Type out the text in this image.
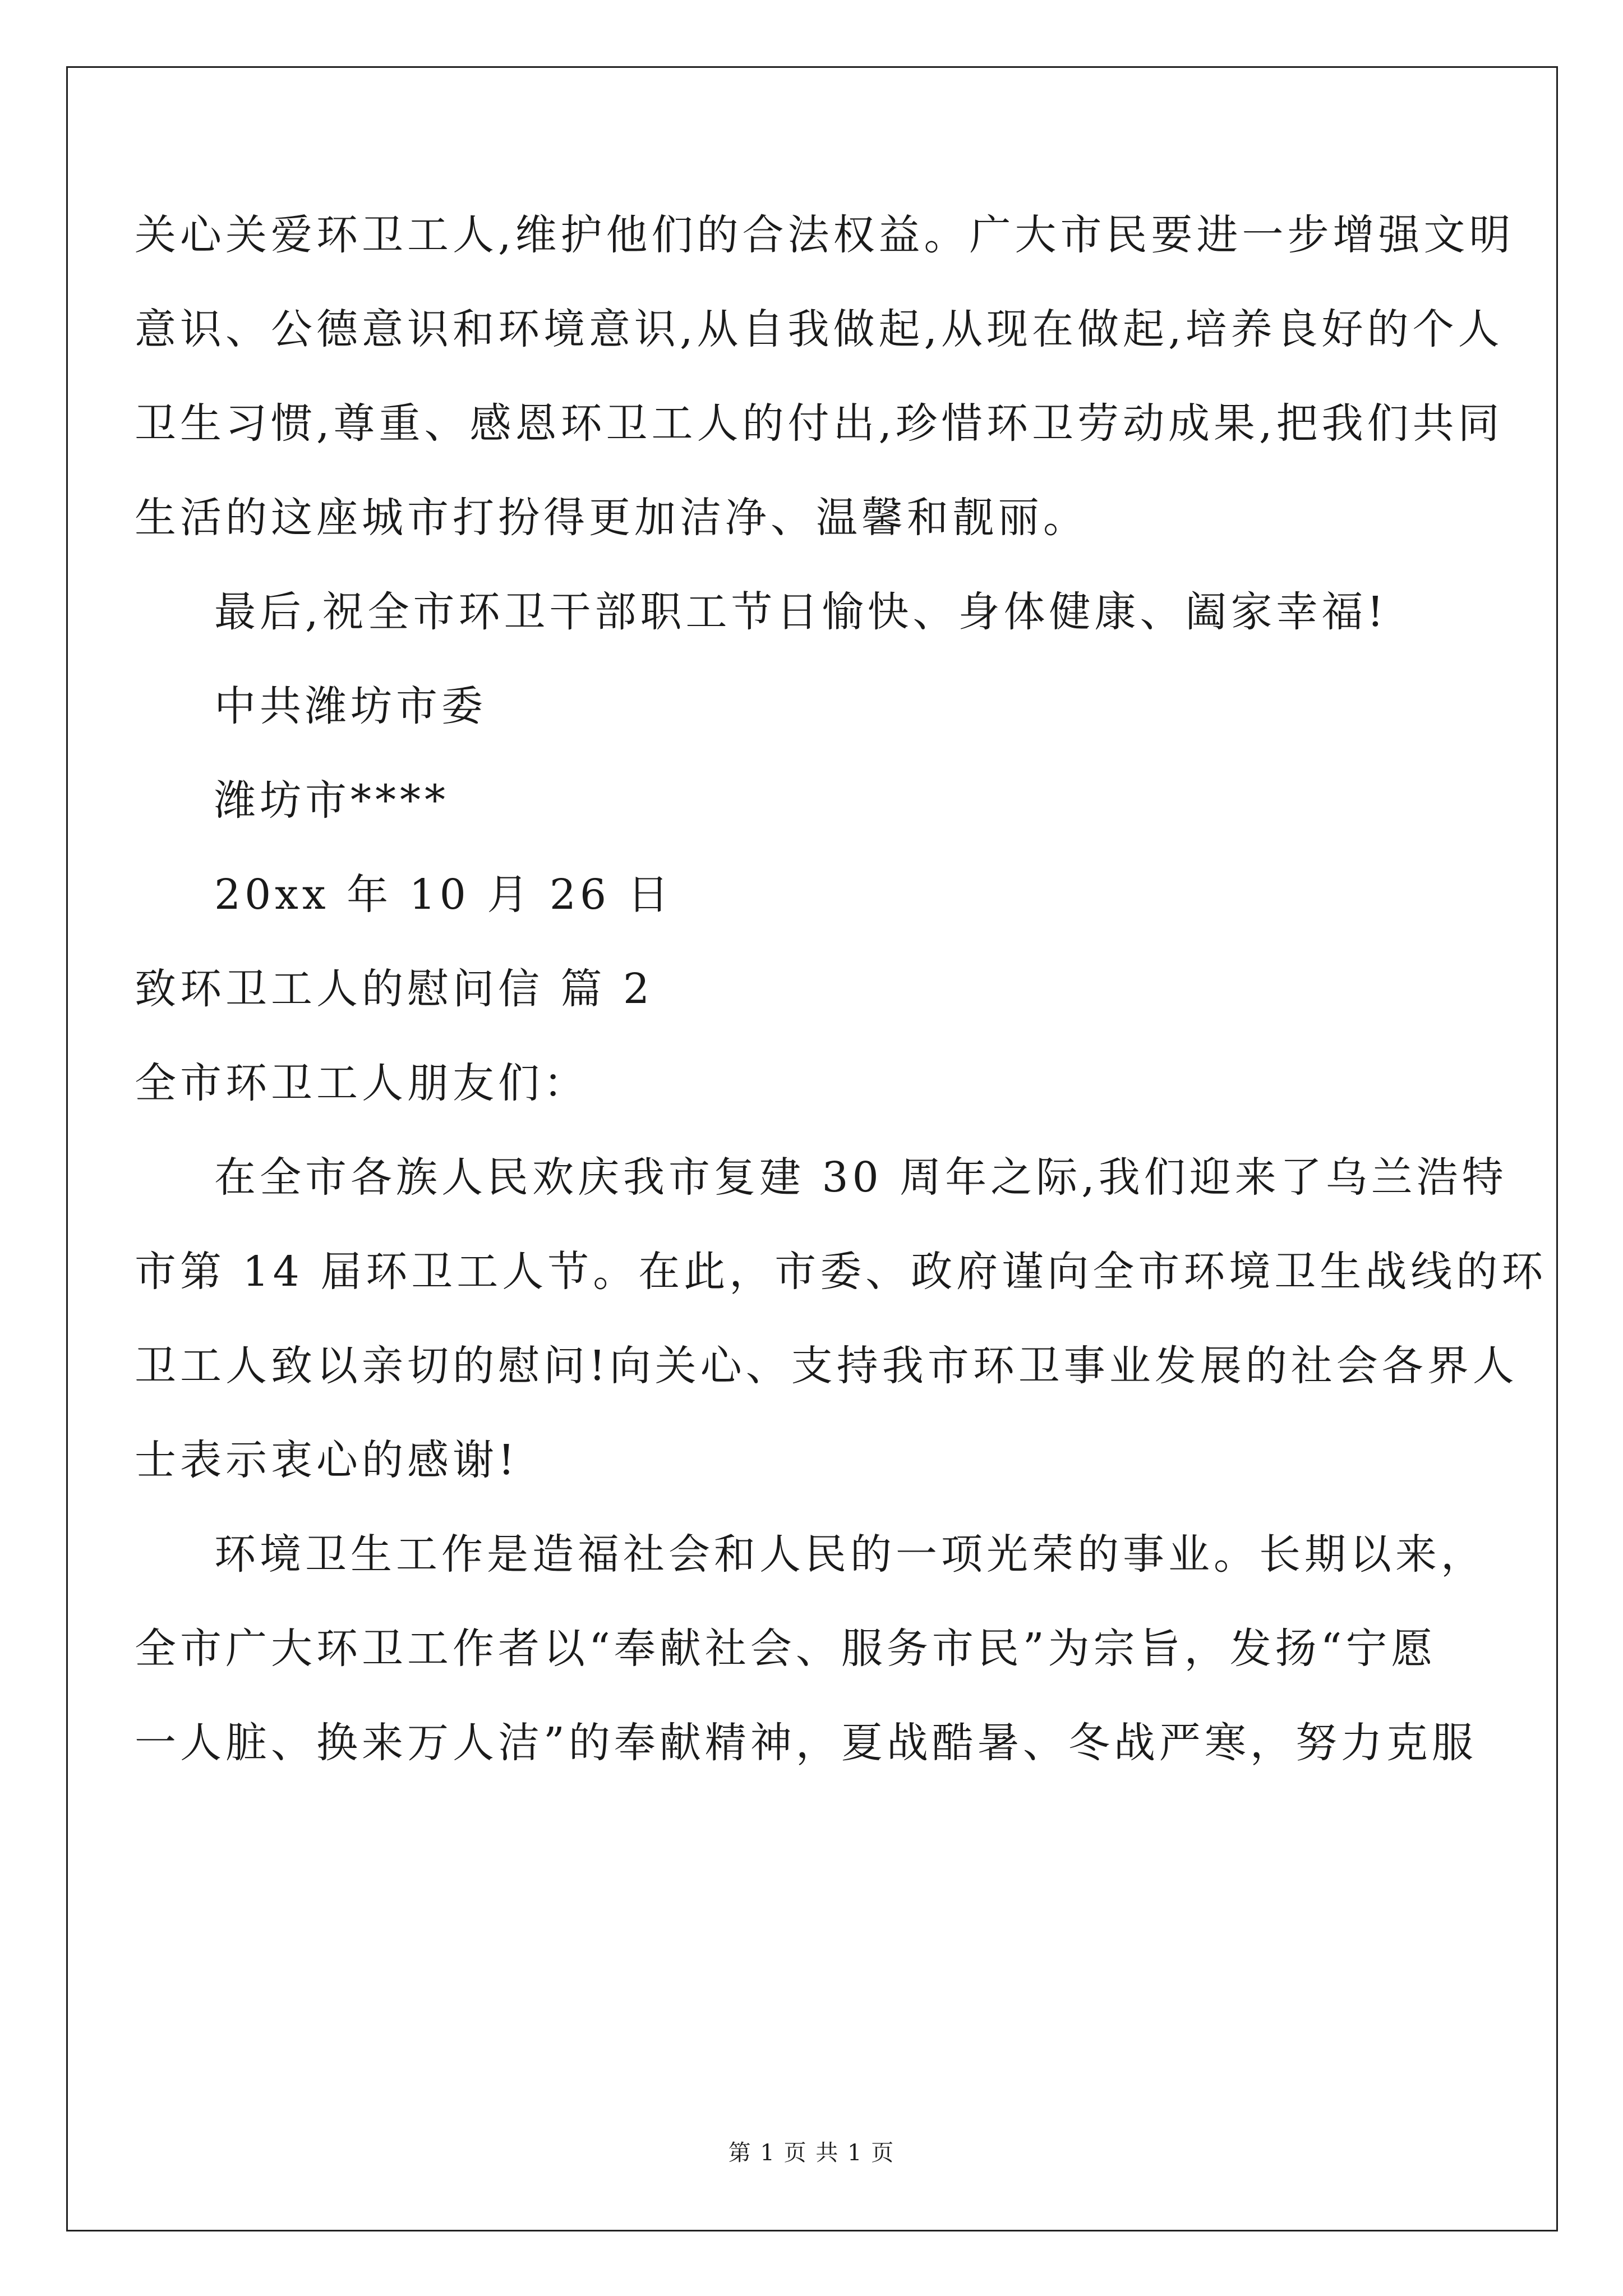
关心关爱环卫工人,维护他们的合法权益。广大市民要进一步增强文明
意识、公德意识和环境意识,从自我做起,从现在做起,培养良好的个人
卫生习惯,尊重、感恩环卫工人的付出,珍惜环卫劳动成果,把我们共同
生活的这座城市打扮得更加洁净、温馨和靓丽。
最后,祝全市环卫干部职工节日愉快、身体健康、阖家幸福!
中共潍坊市委
潍坊市****
20xx 年 10 月 26 日
致环卫工人的慰问信 篇 2
全市环卫工人朋友们：
在全市各族人民欢庆我市复建 30 周年之际,我们迎来了乌兰浩特
市第 14 届环卫工人节。在此，市委、政府谨向全市环境卫生战线的环
卫工人致以亲切的慰问!向关心、支持我市环卫事业发展的社会各界人
士表示衷心的感谢!
环境卫生工作是造福社会和人民的一项光荣的事业。长期以来，
全市广大环卫工作者以“奉献社会、服务市民”为宗旨，发扬“宁愿
一人脏、换来万人洁”的奉献精神，夏战酷暑、冬战严寒，努力克服
第 1 页 共 1 页
